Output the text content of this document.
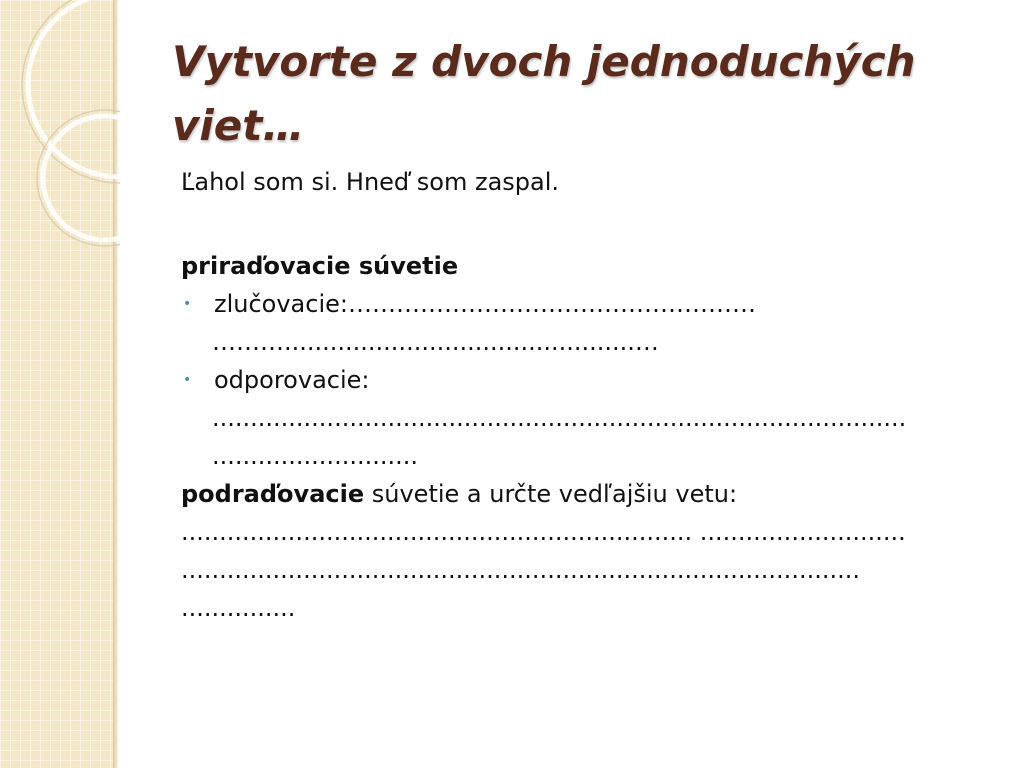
Vytvorte z dvoch jednoduchých viet…
Ľahol som si. Hneď som zaspal.
priraďovacie súvetie
• zlučovacie: ……………………………………………
………..............................................…
• odporovacie:
...........................................................................................
...........................
podraďovacie súvetie a určte vedľajšiu vetu:
................................................................... ...........................
.........................................................................................
...............
